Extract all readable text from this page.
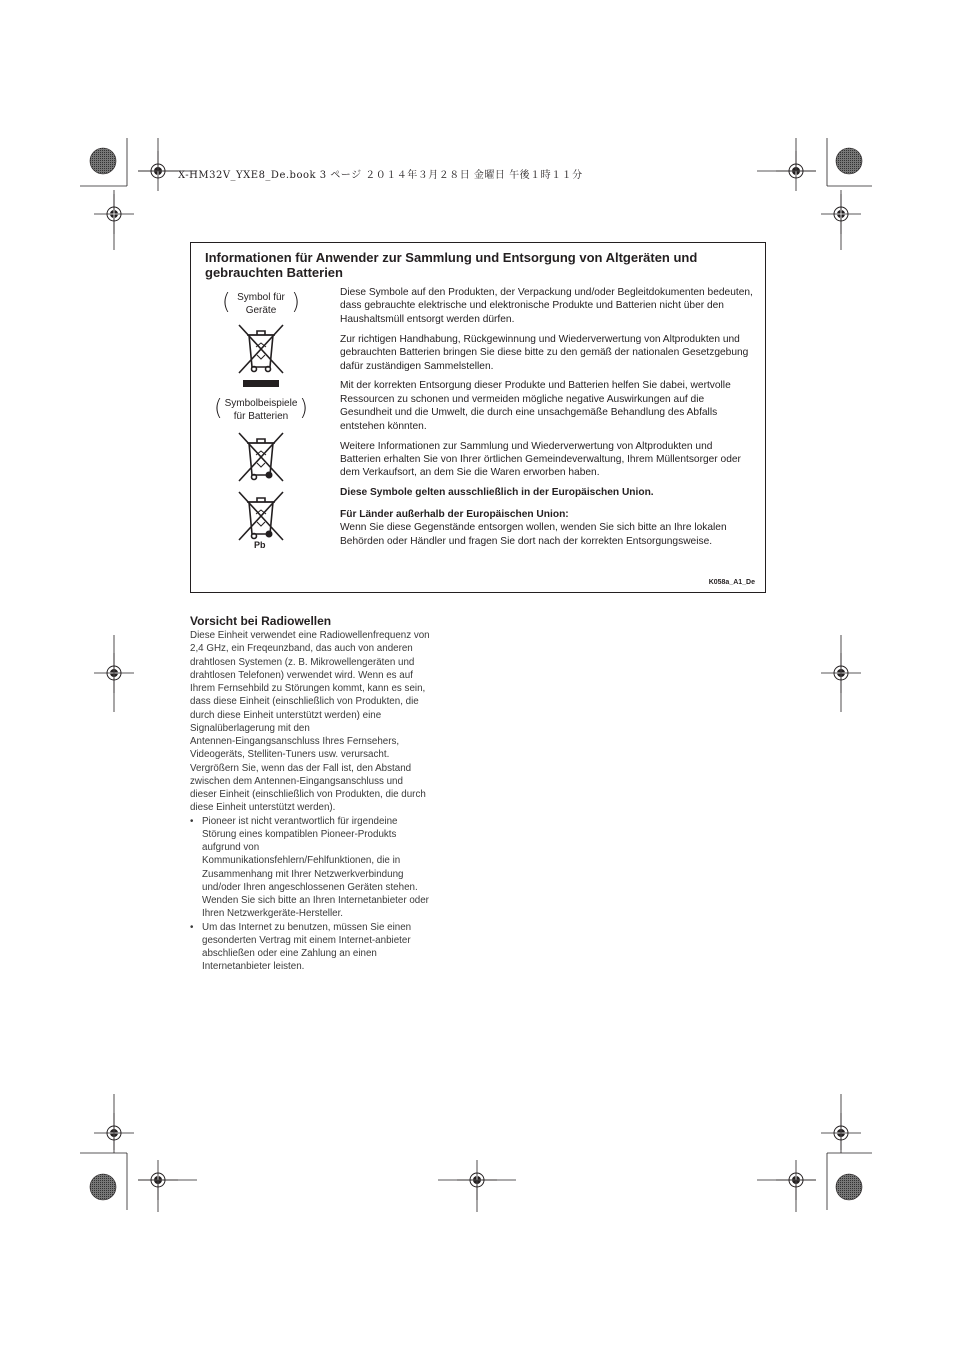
X-HM32V_YXE8_De.book 3 ページ ２０１４年３月２８日 金曜日 午後１時１１分
Informationen für Anwender zur Sammlung und Entsorgung von Altgeräten und gebrauchten Batterien
( Symbol für
Geräte )
( Symbolbeispiele
für Batterien )
Pb

Diese Symbole auf den Produkten, der Verpackung und/oder Begleitdokumenten bedeuten, dass gebrauchte elektrische und elektronische Produkte und Batterien nicht über den Haushaltsmüll entsorgt werden dürfen.

Zur richtigen Handhabung, Rückgewinnung und Wiederverwertung von Altprodukten und gebrauchten Batterien bringen Sie diese bitte zu den gemäß der nationalen Gesetzgebung dafür zuständigen Sammelstellen.

Mit der korrekten Entsorgung dieser Produkte und Batterien helfen Sie dabei, wertvolle Ressourcen zu schonen und vermeiden mögliche negative Auswirkungen auf die Gesundheit und die Umwelt, die durch eine unsachgemäße Behandlung des Abfalls entstehen könnten.

Weitere Informationen zur Sammlung und Wiederverwertung von Altprodukten und Batterien erhalten Sie von Ihrer örtlichen Gemeindeverwaltung, Ihrem Müllentsorger oder dem Verkaufsort, an dem Sie die Waren erworben haben.

Diese Symbole gelten ausschließlich in der Europäischen Union.

Für Länder außerhalb der Europäischen Union:
Wenn Sie diese Gegenstände entsorgen wollen, wenden Sie sich bitte an Ihre lokalen Behörden oder Händler und fragen Sie dort nach der korrekten Entsorgungsweise.

K058a_A1_De
Vorsicht bei Radiowellen

Diese Einheit verwendet eine Radiowellenfrequenz von

2,4 GHz, ein Freqeunzband, das auch von anderen

drahtlosen Systemen (z. B. Mikrowellengeräten und

drahtlosen Telefonen) verwendet wird. Wenn es auf

Ihrem Fernsehbild zu Störungen kommt, kann es sein,

dass diese Einheit (einschließlich von Produkten, die

durch diese Einheit unterstützt werden) eine

Signalüberlagerung mit den

Antennen-Eingangsanschluss Ihres Fernsehers,

Videogeräts, Stelliten-Tuners usw. verursacht.

Vergrößern Sie, wenn das der Fall ist, den Abstand

zwischen dem Antennen-Eingangsanschluss und

dieser Einheit (einschließlich von Produkten, die durch

diese Einheit unterstützt werden).

• Pioneer ist nicht verantwortlich für irgendeine

Störung eines kompatiblen Pioneer-Produkts

aufgrund von

Kommunikationsfehlern/Fehlfunktionen, die in

Zusammenhang mit Ihrer Netzwerkverbindung

und/oder Ihren angeschlossenen Geräten stehen.

Wenden Sie sich bitte an Ihren Internetanbieter oder

Ihren Netzwerkgeräte-Hersteller.

• Um das Internet zu benutzen, müssen Sie einen

gesonderten Vertrag mit einem Internet-anbieter

abschließen oder eine Zahlung an einen

Internetanbieter leisten.
